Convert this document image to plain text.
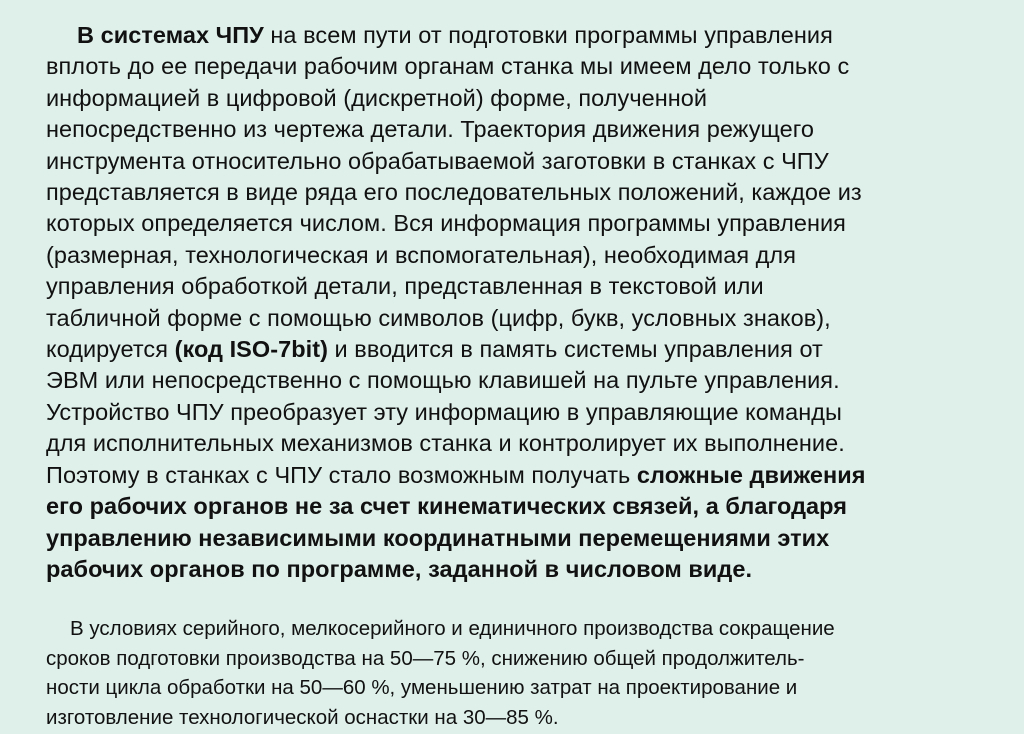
В системах ЧПУ на всем пути от подготовки программы управления
вплоть до ее передачи рабочим органам станка мы имеем дело только с
информацией в цифровой (дискретной) форме, полученной
непосредственно из чертежа детали. Траектория движения режущего
инструмента относительно обрабатываемой заготовки в станках с ЧПУ
представляется в виде ряда его последовательных положений, каждое из
которых определяется числом. Вся информация программы управления
(размерная, технологическая и вспомогательная), необходимая для
управления обработкой детали, представленная в текстовой или
табличной форме с помощью символов (цифр, букв, условных знаков),
кодируется (код ISO-7bit) и вводится в память системы управления от
ЭВМ или непосредственно с помощью клавишей на пульте управления.
Устройство ЧПУ преобразует эту информацию в управляющие команды
для исполнительных механизмов станка и контролирует их выполнение.
Поэтому в станках с ЧПУ стало возможным получать сложные движения
его рабочих органов не за счет кинематических связей, а благодаря
управлению независимыми координатными перемещениями этих
рабочих органов по программе, заданной в числовом виде.
В условиях серийного, мелкосерийного и единичного производства сокращение
сроков подготовки производства на 50—75 %, снижению общей продолжитель-
ности цикла обработки на 50—60 %, уменьшению затрат на проектирование и
изготовление технологической оснастки на 30—85 %.
